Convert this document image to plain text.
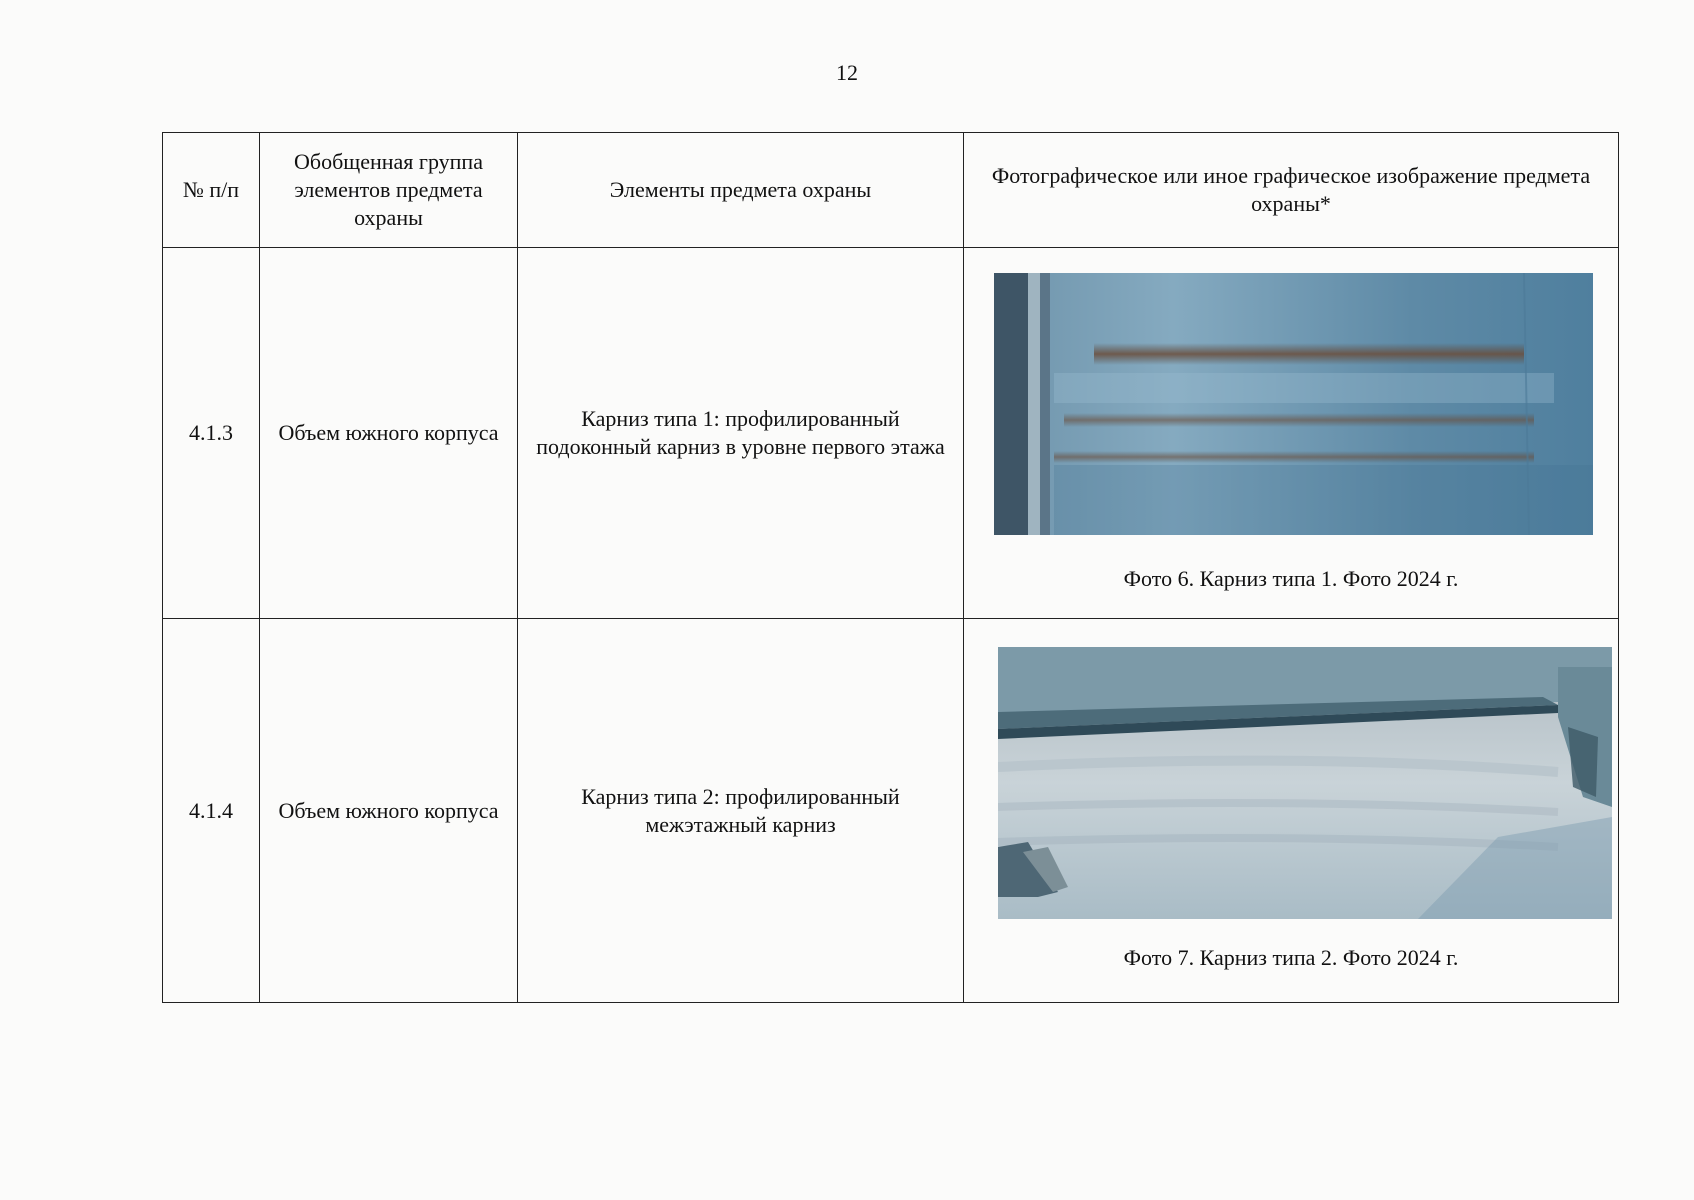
12
№ п/п	Обобщенная группа элементов предмета охраны	Элементы предмета охраны	Фотографическое или иное графическое изображение предмета охраны*
4.1.3	Объем южного корпуса	Карниз типа 1: профилированный подоконный карниз в уровне первого этажа	Фото 6. Карниз типа 1. Фото 2024 г.

4.1.4	Объем южного корпуса	Карниз типа 2: профилированный межэтажный карниз	Фото 7. Карниз типа 2. Фото 2024 г.
